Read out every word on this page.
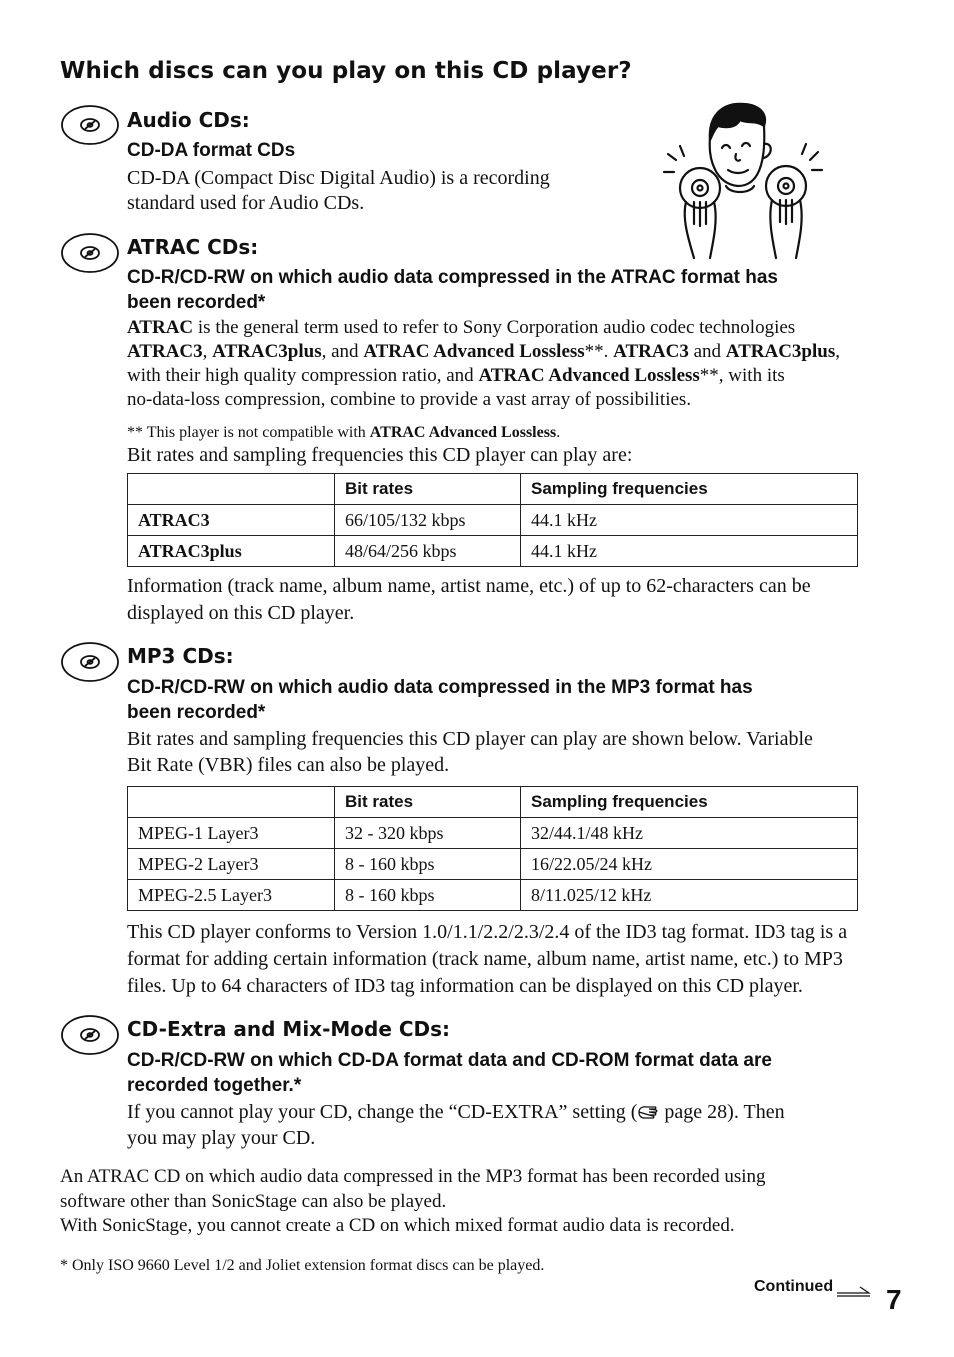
Which discs can you play on this CD player?
Audio CDs:
CD-DA format CDs
CD-DA (Compact Disc Digital Audio) is a recording
standard used for Audio CDs.
ATRAC CDs:
CD-R/CD-RW on which audio data compressed in the ATRAC format has
been recorded*
ATRAC is the general term used to refer to Sony Corporation audio codec technologies
ATRAC3, ATRAC3plus, and ATRAC Advanced Lossless**. ATRAC3 and ATRAC3plus,
with their high quality compression ratio, and ATRAC Advanced Lossless**, with its
no-data-loss compression, combine to provide a vast array of possibilities.
** This player is not compatible with ATRAC Advanced Lossless.
Bit rates and sampling frequencies this CD player can play are:
	Bit rates	Sampling frequencies
ATRAC3	66/105/132 kbps	44.1 kHz
ATRAC3plus	48/64/256 kbps	44.1 kHz
Information (track name, album name, artist name, etc.) of up to 62-characters can be
displayed on this CD player.
MP3 CDs:
CD-R/CD-RW on which audio data compressed in the MP3 format has
been recorded*
Bit rates and sampling frequencies this CD player can play are shown below. Variable
Bit Rate (VBR) files can also be played.
	Bit rates	Sampling frequencies
MPEG-1 Layer3	32 - 320 kbps	32/44.1/48 kHz
MPEG-2 Layer3	8 - 160 kbps	16/22.05/24 kHz
MPEG-2.5 Layer3	8 - 160 kbps	8/11.025/12 kHz
This CD player conforms to Version 1.0/1.1/2.2/2.3/2.4 of the ID3 tag format. ID3 tag is a
format for adding certain information (track name, album name, artist name, etc.) to MP3
files. Up to 64 characters of ID3 tag information can be displayed on this CD player.
CD-Extra and Mix-Mode CDs:
CD-R/CD-RW on which CD-DA format data and CD-ROM format data are
recorded together.*
If you cannot play your CD, change the “CD-EXTRA” setting ( page 28). Then
you may play your CD.
An ATRAC CD on which audio data compressed in the MP3 format has been recorded using
software other than SonicStage can also be played.
With SonicStage, you cannot create a CD on which mixed format audio data is recorded.
* Only ISO 9660 Level 1/2 and Joliet extension format discs can be played.
Continued 7
